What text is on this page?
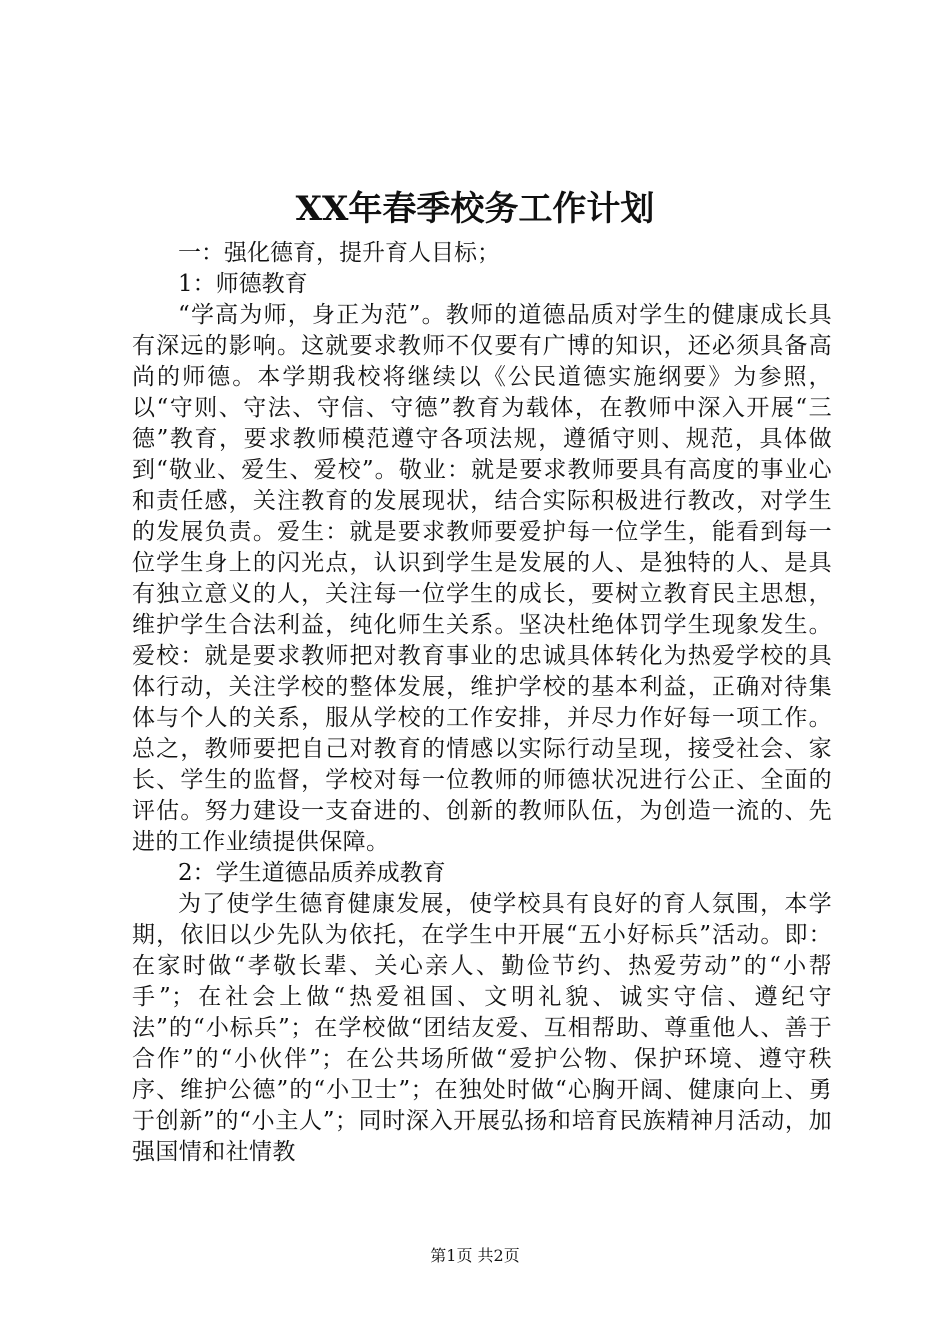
XX年春季校务工作计划

一：强化德育，提升育人目标；

1：师德教育

“学高为师，身正为范”。教师的道德品质对学生的健康成长具有深远的影响。这就要求教师不仅要有广博的知识，还必须具备高尚的师德。本学期我校将继续以《公民道德实施纲要》为参照，以“守则、守法、守信、守德”教育为载体，在教师中深入开展“三德”教育，要求教师模范遵守各项法规，遵循守则、规范，具体做到“敬业、爱生、爱校”。敬业：就是要求教师要具有高度的事业心和责任感，关注教育的发展现状，结合实际积极进行教改，对学生的发展负责。爱生：就是要求教师要爱护每一位学生，能看到每一位学生身上的闪光点，认识到学生是发展的人、是独特的人、是具有独立意义的人，关注每一位学生的成长，要树立教育民主思想，维护学生合法利益，纯化师生关系。坚决杜绝体罚学生现象发生。爱校：就是要求教师把对教育事业的忠诚具体转化为热爱学校的具体行动，关注学校的整体发展，维护学校的基本利益，正确对待集体与个人的关系，服从学校的工作安排，并尽力作好每一项工作。总之，教师要把自己对教育的情感以实际行动呈现，接受社会、家长、学生的监督，学校对每一位教师的师德状况进行公正、全面的评估。努力建设一支奋进的、创新的教师队伍，为创造一流的、先进的工作业绩提供保障。

2：学生道德品质养成教育

为了使学生德育健康发展，使学校具有良好的育人氛围，本学期，依旧以少先队为依托，在学生中开展“五小好标兵”活动。即：在家时做“孝敬长辈、关心亲人、勤俭节约、热爱劳动”的“小帮手”；在社会上做“热爱祖国、文明礼貌、诚实守信、遵纪守法”的“小标兵”；在学校做“团结友爱、互相帮助、尊重他人、善于合作”的“小伙伴”；在公共场所做“爱护公物、保护环境、遵守秩序、维护公德”的“小卫士”；在独处时做“心胸开阔、健康向上、勇于创新”的“小主人”；同时深入开展弘扬和培育民族精神月活动，加强国情和社情教

第1页 共2页
